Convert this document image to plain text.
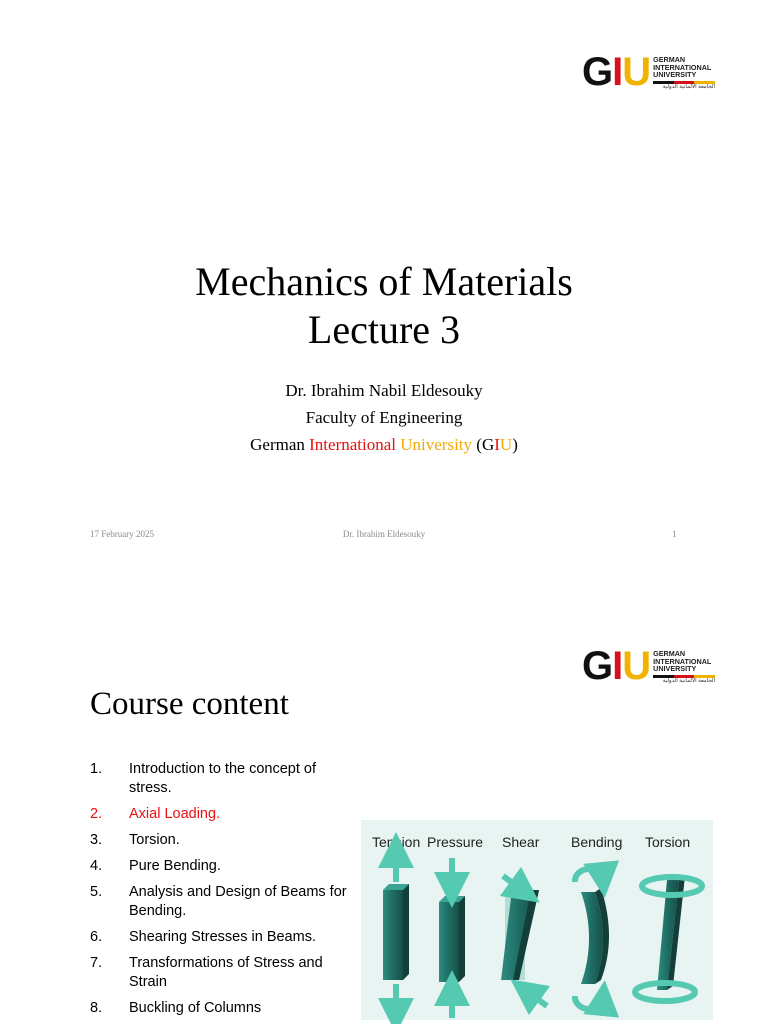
G I U GERMAN
INTERNATIONAL
UNIVERSITY
الجامعة الألمانية الدولية
Mechanics of Materials
Lecture 3
Dr. Ibrahim Nabil Eldesouky
Faculty of Engineering
German International University (GIU)
17 February 2025	Dr. Ibrahim Eldesouky	1
G I U GERMAN
INTERNATIONAL
UNIVERSITY
الجامعة الألمانية الدولية
Course content
1.	Introduction to the concept of stress.
2.	Axial Loading.
3.	Torsion.
4.	Pure Bending.
5.	Analysis and Design of Beams for Bending.
6.	Shearing Stresses in Beams.
7.	Transformations of Stress and Strain
8.	Buckling of Columns
Tension Pressure Shear Bending Torsion
